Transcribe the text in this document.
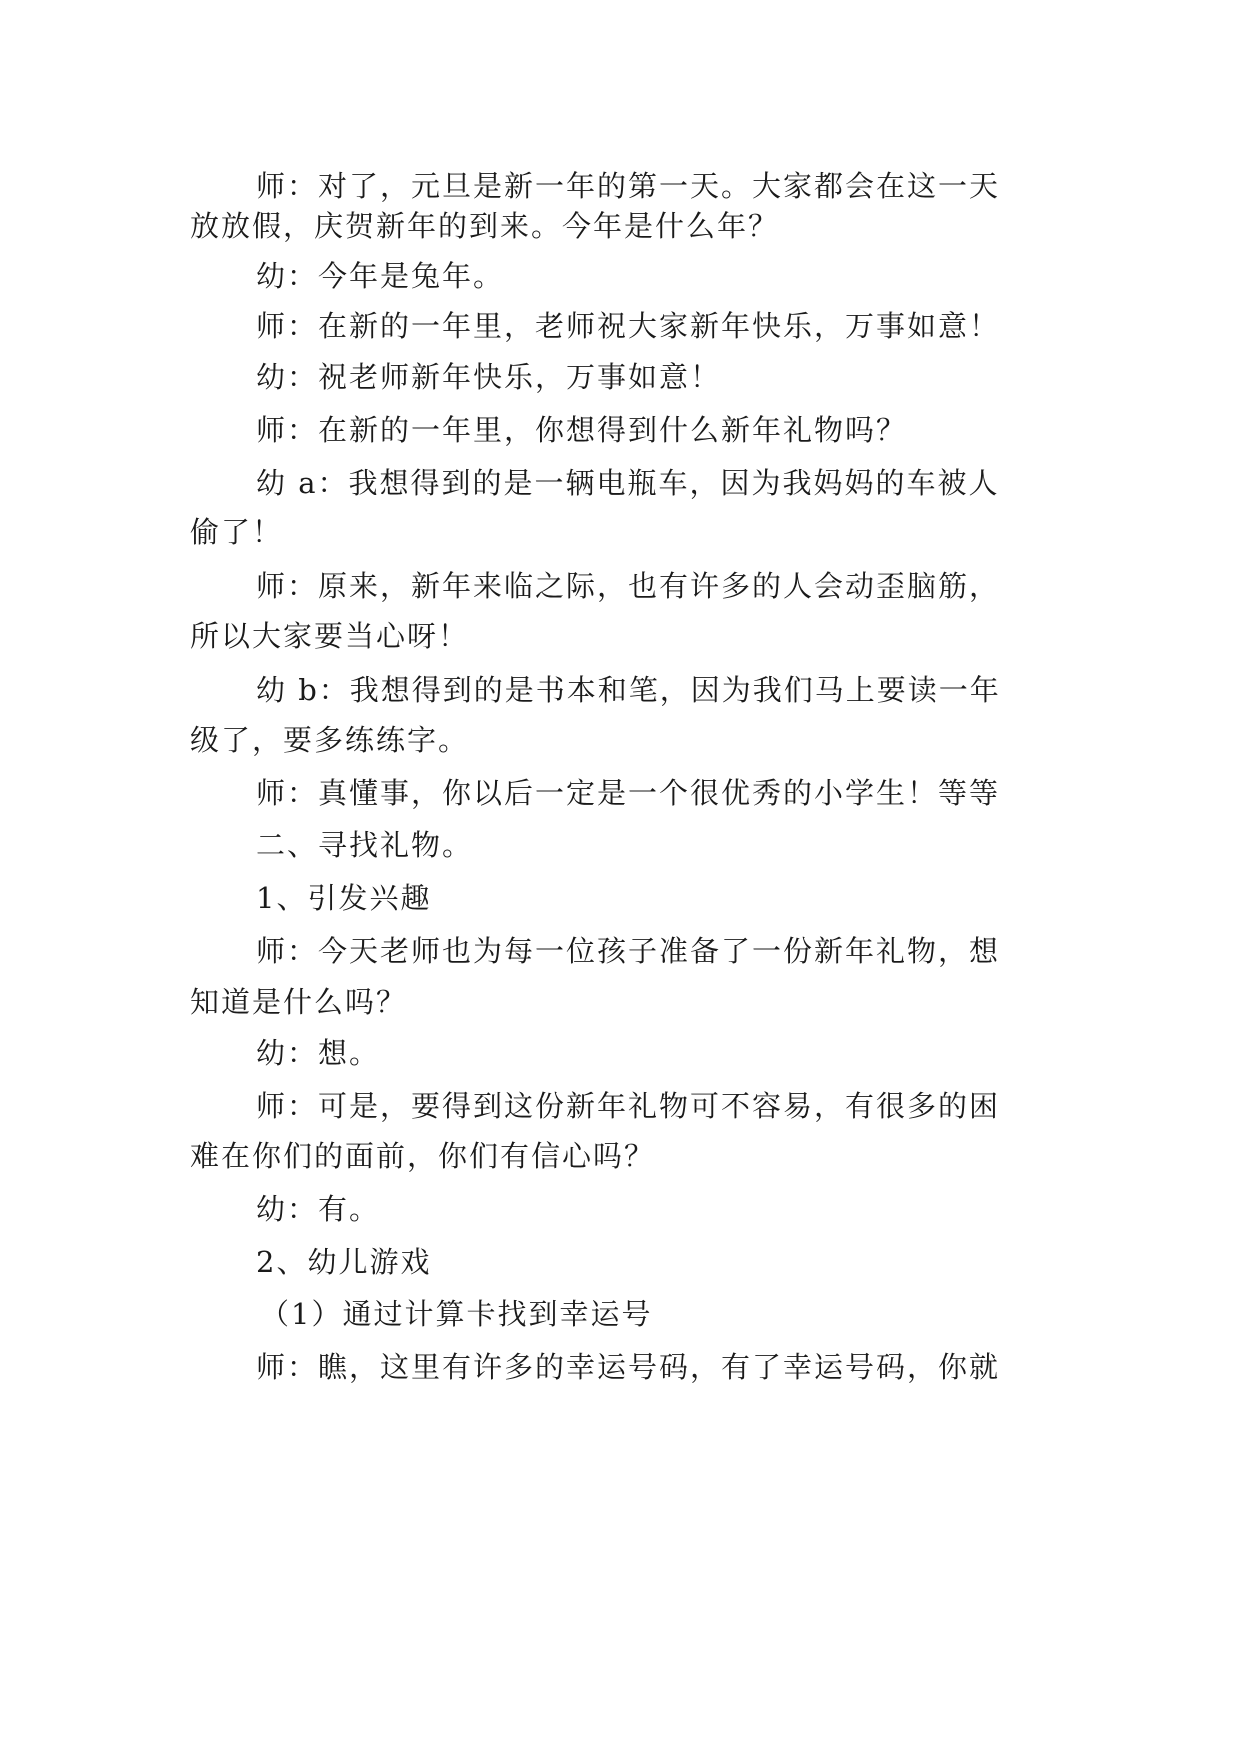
师：对了，元旦是新一年的第一天。大家都会在这一天
放放假，庆贺新年的到来。今年是什么年？
幼：今年是兔年。
师：在新的一年里，老师祝大家新年快乐，万事如意！
幼：祝老师新年快乐，万事如意！
师：在新的一年里，你想得到什么新年礼物吗？
幼 a：我想得到的是一辆电瓶车，因为我妈妈的车被人
偷了！
师：原来，新年来临之际，也有许多的人会动歪脑筋，
所以大家要当心呀！
幼 b：我想得到的是书本和笔，因为我们马上要读一年
级了，要多练练字。
师：真懂事，你以后一定是一个很优秀的小学生！等等
二、寻找礼物。
1、引发兴趣
师：今天老师也为每一位孩子准备了一份新年礼物，想
知道是什么吗？
幼：想。
师：可是，要得到这份新年礼物可不容易，有很多的困
难在你们的面前，你们有信心吗？
幼：有。
2、幼儿游戏
（1）通过计算卡找到幸运号
师：瞧，这里有许多的幸运号码，有了幸运号码，你就
